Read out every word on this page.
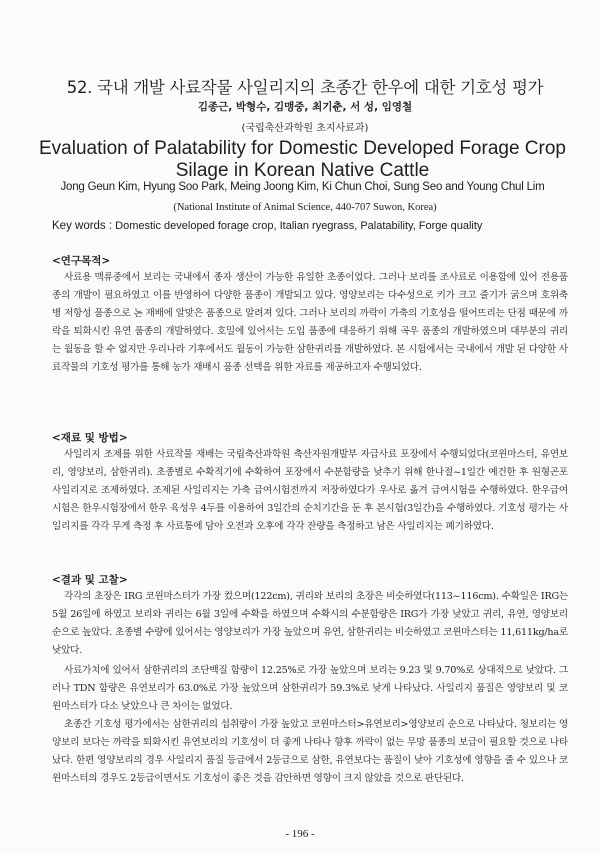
52. 국내 개발 사료작물 사일리지의 초종간 한우에 대한 기호성 평가
김종근, 박형수, 김맹중, 최기춘, 서 성, 임영철
(국립축산과학원 초지사료과)
Evaluation of Palatability for Domestic Developed Forage Crop Silage in Korean Native Cattle
Jong Geun Kim, Hyung Soo Park, Meing Joong Kim, Ki Chun Choi, Sung Seo and Young Chul Lim
(National Institute of Animal Science, 440-707 Suwon, Korea)
Key words : Domestic developed forage crop, Italian ryegrass, Palatability, Forge quality
<연구목적>

사료용 맥류중에서 보리는 국내에서 종자 생산이 가능한 유일한 초종이었다. 그러나 보리를 조사료로 이용함에 있어 전용품종의 개발이 필요하였고 이를 반영하여 다양한 품종이 개발되고 있다. 영양보리는 다수성으로 키가 크고 줄기가 굵으며 호위축병 저항성 품종으로 논 재배에 알맞은 품종으로 알려져 있다. 그러나 보리의 까락이 가축의 기호성을 떨어뜨리는 단점 때문에 까락을 퇴화시킨 유연 품종의 개발하였다. 호밀에 있어서는 도입 품종에 대응하기 위해 곡우 품종의 개발하였으며 대부분의 귀리는 월동을 할 수 없지만 우리나라 기후에서도 월동이 가능한 삼한귀리를 개발하였다. 본 시험에서는 국내에서 개발 된 다양한 사료작물의 기호성 평가를 통해 농가 재배시 품종 선택을 위한 자료를 제공하고자 수행되었다.

<재료 및 방법>

사일리지 조제를 위한 사료작물 재배는 국립축산과학원 축산자원개발부 자급사료 포장에서 수행되었다(코윈마스터, 유연보리, 영양보리, 삼한귀리). 초종별로 수확적기에 수확하여 포장에서 수분함량을 낮추기 위해 한나절~1일간 예건한 후 원형곤포 사일리지로 조제하였다. 조제된 사일리지는 가축 급여시험전까지 저장하였다가 우사로 옮겨 급여시험을 수행하였다. 한우급여시험은 한우시험장에서 한우 육성우 4두를 이용하여 3일간의 순치기간을 둔 후 본시험(3일간)을 수행하였다. 기호성 평가는 사일리지를 각각 무게 측정 후 사료통에 담아 오전과 오후에 각각 잔량을 측정하고 남은 사일리지는 폐기하였다.

<결과 및 고찰>

각각의 초장은 IRG 코윈마스터가 가장 컸으며(122cm), 귀리와 보리의 초장은 비슷하였다(113~116cm). 수확일은 IRG는 5월 26일에 하였고 보리와 귀리는 6월 3일에 수확을 하였으며 수확시의 수분함량은 IRG가 가장 낮았고 귀리, 유연, 영양보리 순으로 높았다. 초종별 수량에 있어서는 영양보리가 가장 높았으며 유연, 삼한귀리는 비슷하였고 코윈마스터는 11,611kg/ha로 낮았다.

사료가치에 있어서 삼한귀리의 조단백질 함량이 12.25%로 가장 높았으며 보리는 9.23 및 9.70%로 상대적으로 낮았다. 그러나 TDN 함량은 유연보리가 63.0%로 가장 높았으며 삼한귀리가 59.3%로 낮게 나타났다. 사일리지 품질은 영양보리 및 코윈마스터가 다소 낮았으나 큰 차이는 없었다.

초종간 기호성 평가에서는 삼한귀리의 섭취량이 가장 높았고 코윈마스터>유연보리>영양보리 순으로 나타났다. 청보리는 영양보리 보다는 까락을 퇴화시킨 유연보리의 기호성이 더 좋게 나타나 향후 까락이 없는 무망 품종의 보급이 필요할 것으로 나타났다. 한편 영양보리의 경우 사일리지 품질 등급에서 2등급으로 삼한, 유연보다는 품질이 낮아 기호성에 영향을 줄 수 있으나 코윈마스터의 경우도 2등급이면서도 기호성이 좋은 것을 감안하면 영향이 크지 않았을 것으로 판단된다.

- 196 -
